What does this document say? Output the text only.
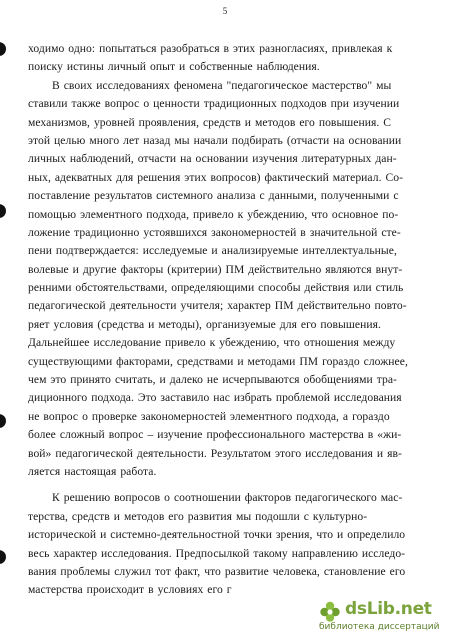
5
ходимо одно: попытаться разобраться в этих разногласиях, привлекая к
поиску истины личный опыт и собственные наблюдения.
В своих исследованиях феномена "педагогическое мастерство" мы
ставили также вопрос о ценности традиционных подходов при изучении
механизмов, уровней проявления, средств и методов его повышения. С
этой целью много лет назад мы начали подбирать (отчасти на основании
личных наблюдений, отчасти на основании изучения литературных дан-
ных, адекватных для решения этих вопросов) фактический материал. Со-
поставление результатов системного анализа с данными, полученными с
помощью элементного подхода, привело к убеждению, что основное по-
ложение традиционно устоявшихся закономерностей в значительной сте-
пени подтверждается: исследуемые и анализируемые интеллектуальные,
волевые и другие факторы (критерии) ПМ действительно являются внут-
ренними обстоятельствами, определяющими способы действия или стиль
педагогической деятельности учителя; характер ПМ действительно повто-
ряет условия (средства и методы), организуемые для его повышения.
Дальнейшее исследование привело к убеждению, что отношения между
существующими факторами, средствами и методами ПМ гораздо сложнее,
чем это принято считать, и далеко не исчерпываются обобщениями тра-
диционного подхода. Это заставило нас избрать проблемой исследования
не вопрос о проверке закономерностей элементного подхода, а гораздо
более сложный вопрос – изучение профессионального мастерства в «жи-
вой» педагогической деятельности. Результатом этого исследования и яв-
ляется настоящая работа.
К решению вопросов о соотношении факторов педагогического мас-
терства, средств и методов его развития мы подошли с культурно-
исторической и системно-деятельностной точки зрения, что и определило
весь характер исследования. Предпосылкой такому направлению исследо-
вания проблемы служил тот факт, что развитие человека, становление его
мастерства происходит в условиях его г
dsLib.net
библиотека диссертаций
